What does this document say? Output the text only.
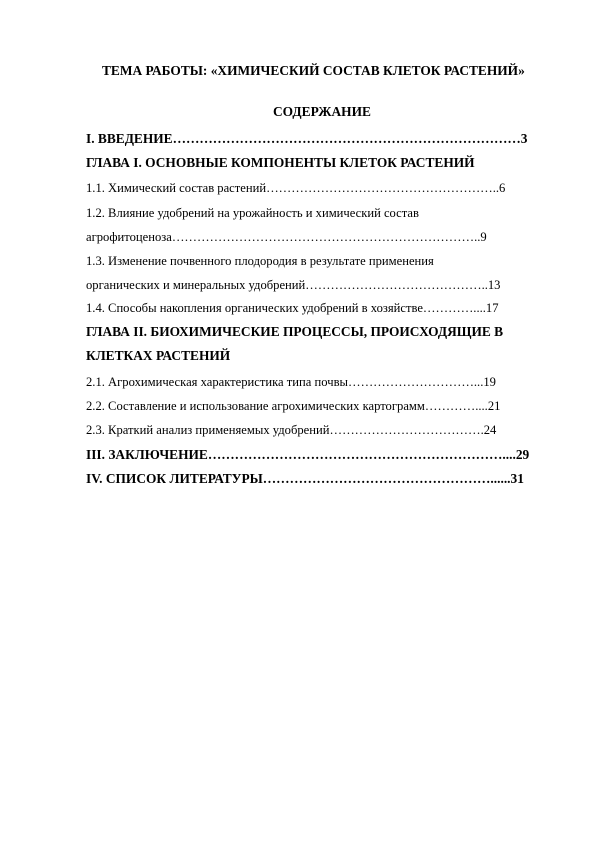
ТЕМА РАБОТЫ: «ХИМИЧЕСКИЙ СОСТАВ КЛЕТОК РАСТЕНИЙ»
СОДЕРЖАНИЕ
I. ВВЕДЕНИЕ……………………………………………………………………3
ГЛАВА I. ОСНОВНЫЕ КОМПОНЕНТЫ КЛЕТОК РАСТЕНИЙ
1.1. Химический состав растений………………………………………………..6
1.2. Влияние удобрений на урожайность и химический состав
агрофитоценоза………………………………………………………………..9
1.3. Изменение почвенного плодородия в результате применения
органических и минеральных удобрений……………………………………..13
1.4. Способы накопления органических удобрений в хозяйстве…………....17
ГЛАВА II. БИОХИМИЧЕСКИЕ ПРОЦЕССЫ, ПРОИСХОДЯЩИЕ В
КЛЕТКАХ РАСТЕНИЙ
2.1. Агрохимическая характеристика типа почвы…………………………...19
2.2. Составление и использование агрохимических картограмм…………....21
2.3. Краткий анализ применяемых удобрений……………………………….24
III. ЗАКЛЮЧЕНИЕ…………………………………………………………....29
IV. СПИСОК ЛИТЕРАТУРЫ……………………………………………......31
